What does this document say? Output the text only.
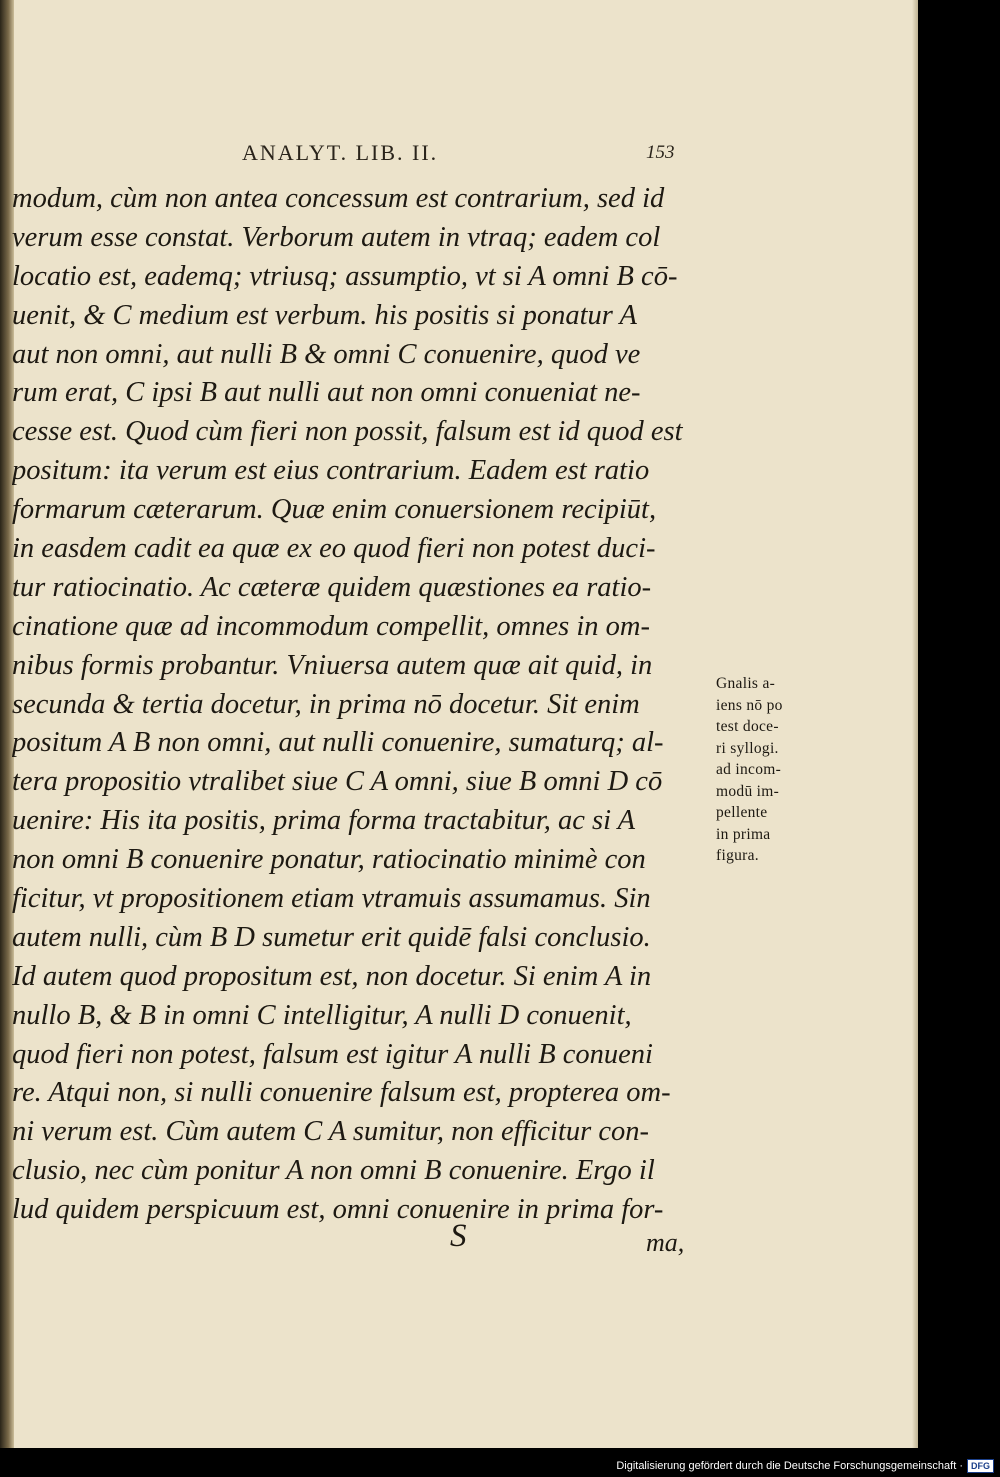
ANALYT. LIB. II.	153
modum, cùm non antea concessum est contrarium, sed id
verum esse constat. Verborum autem in vtraq; eadem col
locatio est, eademq; vtriusq; assumptio, vt si A omni B cō-
uenit, & C medium est verbum. his positis si ponatur A
aut non omni, aut nulli B & omni C conuenire, quod ve
rum erat, C ipsi B aut nulli aut non omni conueniat ne-
cesse est. Quod cùm fieri non possit, falsum est id quod est
positum: ita verum est eius contrarium. Eadem est ratio
formarum cæterarum. Quæ enim conuersionem recipiūt,
in easdem cadit ea quæ ex eo quod fieri non potest duci-
tur ratiocinatio. Ac cæteræ quidem quæstiones ea ratio-
cinatione quæ ad incommodum compellit, omnes in om-
nibus formis probantur. Vniuersa autem quæ ait quid, in
secunda & tertia docetur, in prima nō docetur. Sit enim
positum A B non omni, aut nulli conuenire, sumaturq; al-
tera propositio vtralibet siue C A omni, siue B omni D cō
uenire: His ita positis, prima forma tractabitur, ac si A
non omni B conuenire ponatur, ratiocinatio minimè con
ficitur, vt propositionem etiam vtramuis assumamus. Sin
autem nulli, cùm B D sumetur erit quidē falsi conclusio.
Id autem quod propositum est, non docetur. Si enim A in
nullo B, & B in omni C intelligitur, A nulli D conuenit,
quod fieri non potest, falsum est igitur A nulli B conueni
re. Atqui non, si nulli conuenire falsum est, propterea om-
ni verum est. Cùm autem C A sumitur, non efficitur con-
clusio, nec cùm ponitur A non omni B conuenire. Ergo il
lud quidem perspicuum est, omni conuenire in prima for-
Gnalis a-
iens nō po
test doce-
ri syllogi.
ad incom-
modū im-
pellente
in prima
figura.
S	ma,
Digitalisierung gefördert durch die Deutsche Forschungsgemeinschaft · DFG
